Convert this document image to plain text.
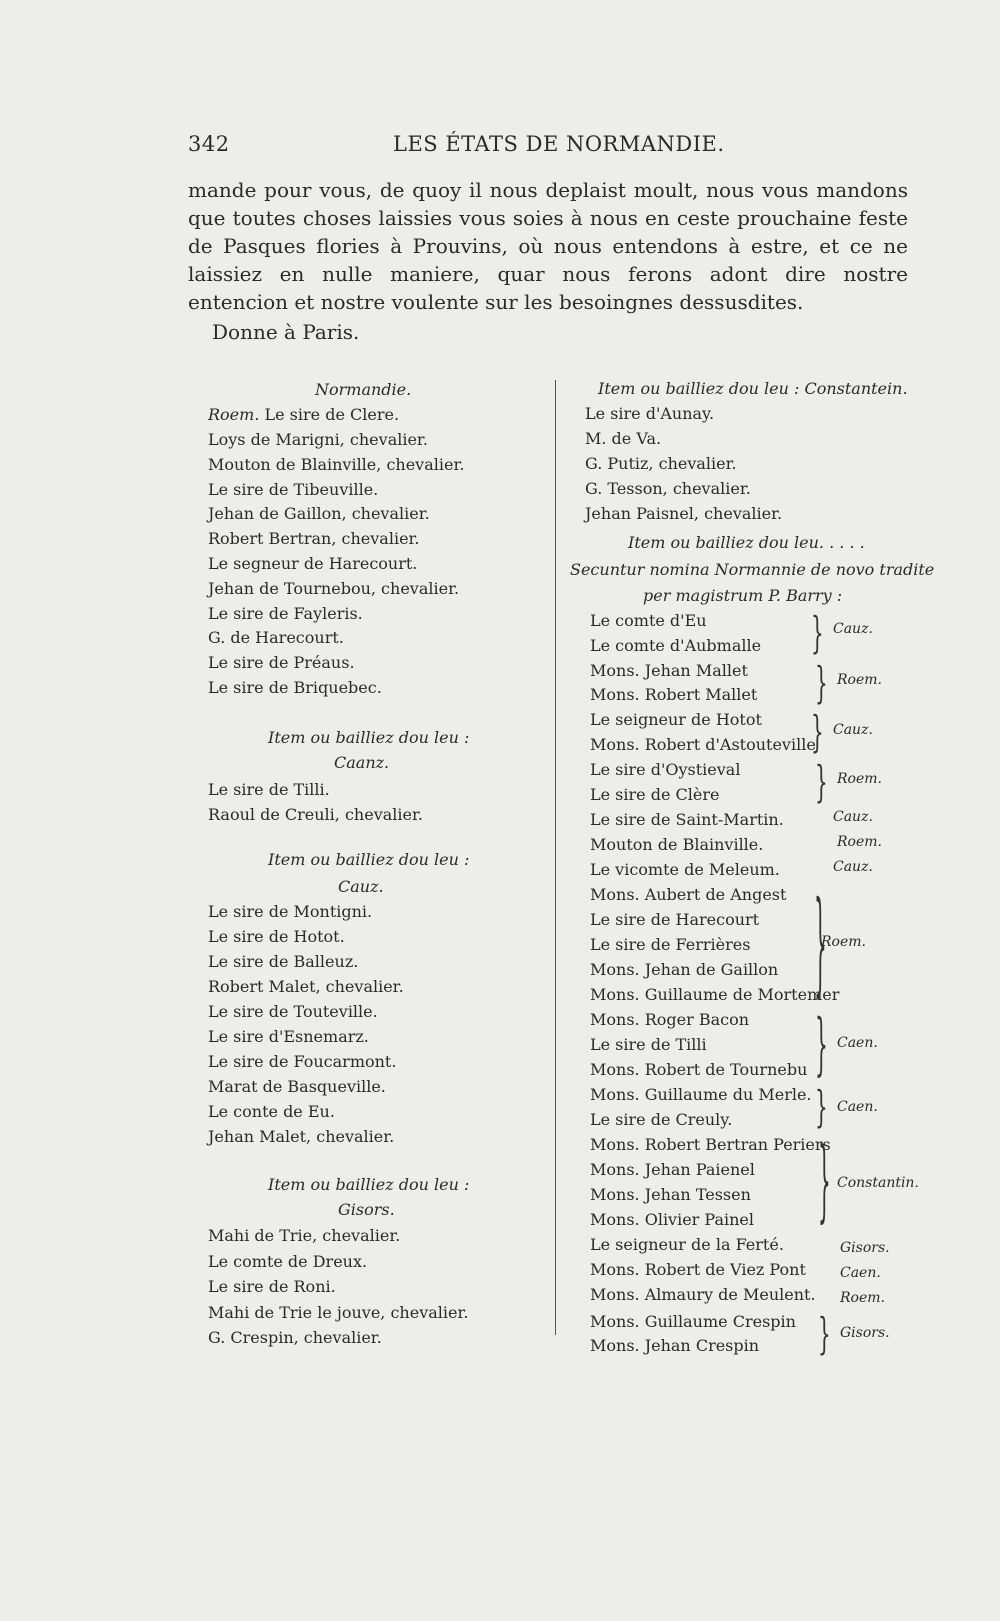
342	LES ÉTATS DE NORMANDIE.

mande pour vous, de quoy il nous deplaist moult, nous vous mandons que toutes choses laissies vous soies à nous en ceste prouchaine feste de Pasques flories à Prouvins, où nous entendons à estre, et ce ne laissiez en nulle maniere, quar nous ferons adont dire nostre entencion et nostre voulente sur les besoingnes dessusdites.

Donne à Paris.

Normandie.
Roem. Le sire de Clere.
Loys de Marigni, chevalier.
Mouton de Blainville, chevalier.
Le sire de Tibeuville.
Jehan de Gaillon, chevalier.
Robert Bertran, chevalier.
Le segneur de Harecourt.
Jehan de Tournebou, chevalier.
Le sire de Fayleris.
G. de Harecourt.
Le sire de Préaus.
Le sire de Briquebec.
Item ou bailliez dou leu :
Caanz.
Le sire de Tilli.
Raoul de Creuli, chevalier.
Item ou bailliez dou leu :
Cauz.
Le sire de Montigni.
Le sire de Hotot.
Le sire de Balleuz.
Robert Malet, chevalier.
Le sire de Touteville.
Le sire d'Esnemarz.
Le sire de Foucarmont.
Marat de Basqueville.
Le conte de Eu.
Jehan Malet, chevalier.
Item ou bailliez dou leu :
Gisors.
Mahi de Trie, chevalier.
Le comte de Dreux.
Le sire de Roni.
Mahi de Trie le jouve, chevalier.
G. Crespin, chevalier.
Item ou bailliez dou leu : Constantein.
Le sire d'Aunay.
M. de Va.
G. Putiz, chevalier.
G. Tesson, chevalier.
Jehan Paisnel, chevalier.
Item ou bailliez dou leu. . . . .
Secuntur nomina Normannie de novo tradite
per magistrum P. Barry :
Le comte d'Eu
Le comte d'Aubmalle
Mons. Jehan Mallet
Mons. Robert Mallet
Le seigneur de Hotot
Mons. Robert d'Astouteville
Le sire d'Oystieval
Le sire de Clère
Le sire de Saint-Martin.
Mouton de Blainville.
Le vicomte de Meleum.
Mons. Aubert de Angest
Le sire de Harecourt
Le sire de Ferrières
Mons. Jehan de Gaillon
Mons. Guillaume de Mortemer
Mons. Roger Bacon
Le sire de Tilli
Mons. Robert de Tournebu
Mons. Guillaume du Merle.
Le sire de Creuly.
Mons. Robert Bertran Periers
Mons. Jehan Paienel
Mons. Jehan Tessen
Mons. Olivier Painel
Le seigneur de la Ferté.
Mons. Robert de Viez Pont
Mons. Almaury de Meulent.
Mons. Guillaume Crespin
Mons. Jehan Crespin
Cauz.
}
Roem.
}
Cauz.
}
Roem.
}
Cauz.
Roem.
Cauz.
Roem.
}
Caen.
}
Caen.
}
Constantin.
}
Gisors.
Caen.
Roem.
Gisors.
}
